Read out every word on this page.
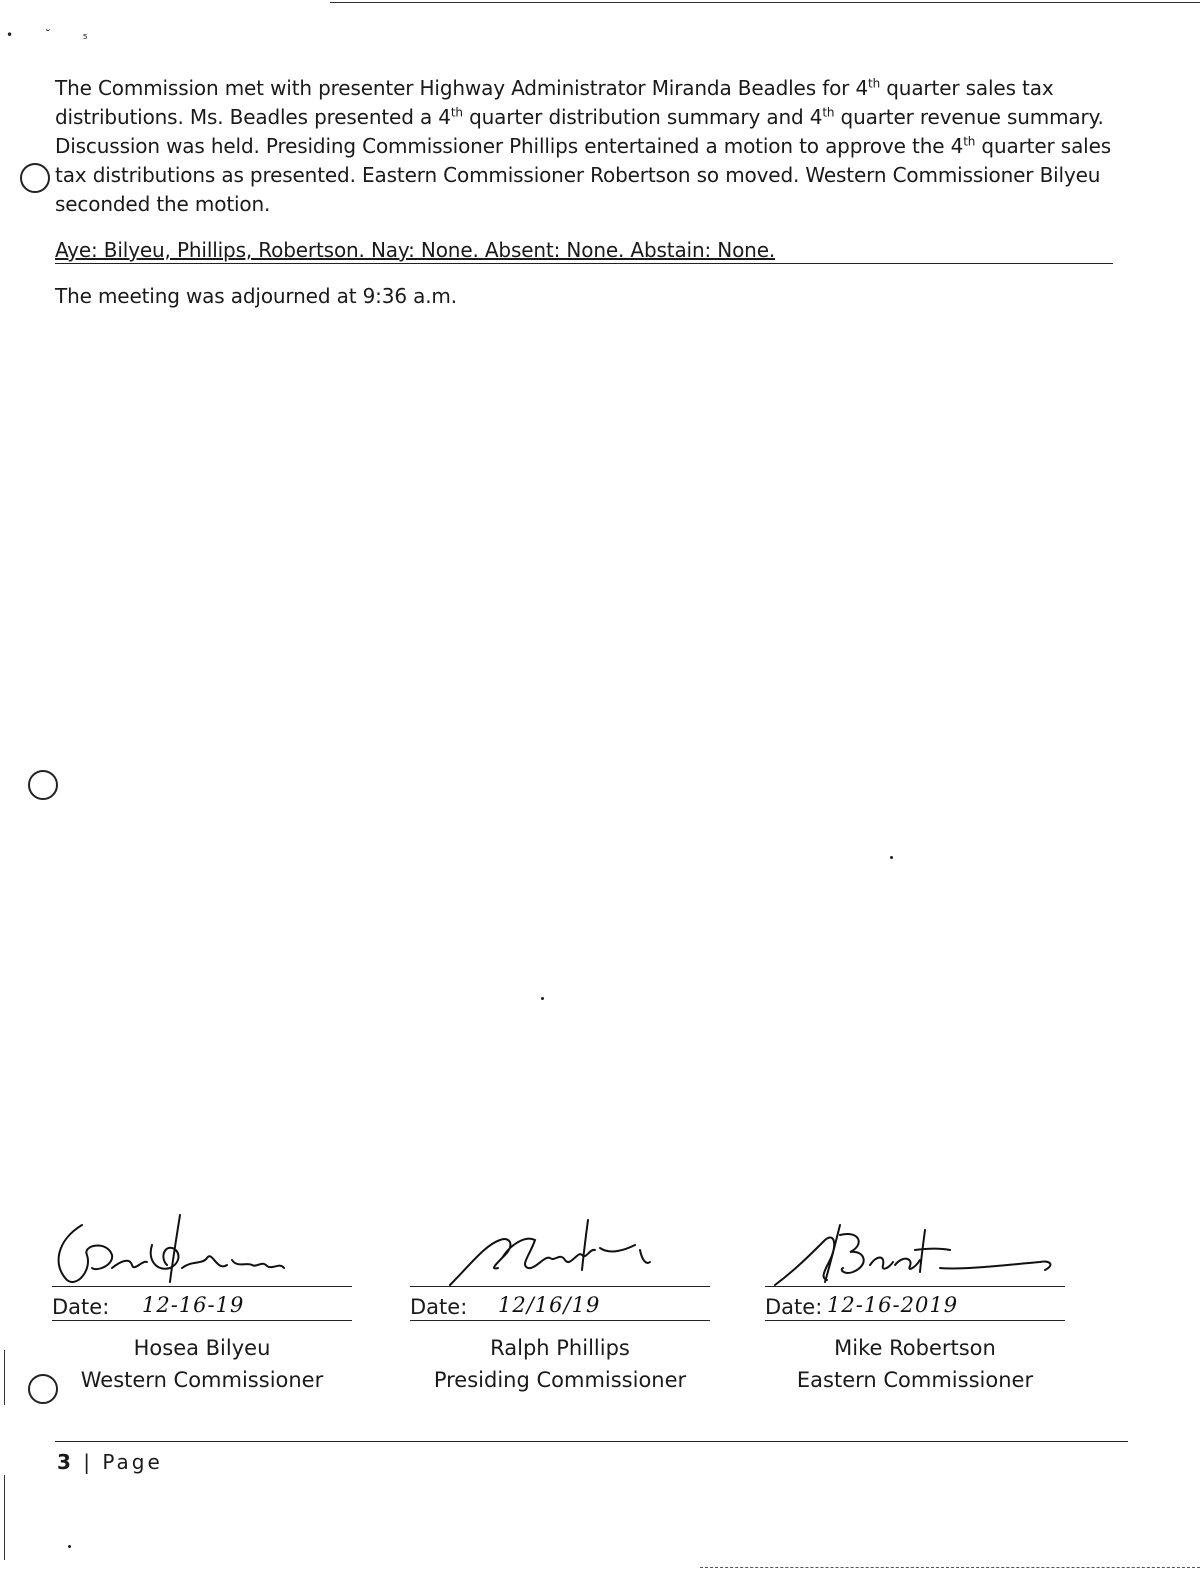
• ˘ ₅

The Commission met with presenter Highway Administrator Miranda Beadles for 4th quarter sales tax distributions. Ms. Beadles presented a 4th quarter distribution summary and 4th quarter revenue summary. Discussion was held. Presiding Commissioner Phillips entertained a motion to approve the 4th quarter sales tax distributions as presented. Eastern Commissioner Robertson so moved. Western Commissioner Bilyeu seconded the motion.

Aye: Bilyeu, Phillips, Robertson. Nay: None. Absent: None. Abstain: None.
The meeting was adjourned at 9:36 a.m.
Date: 12-16-19
Hosea Bilyeu
Western Commissioner
Date: 12/16/19
Ralph Phillips
Presiding Commissioner
Date: 12-16-2019
Mike Robertson
Eastern Commissioner
3 | Page
